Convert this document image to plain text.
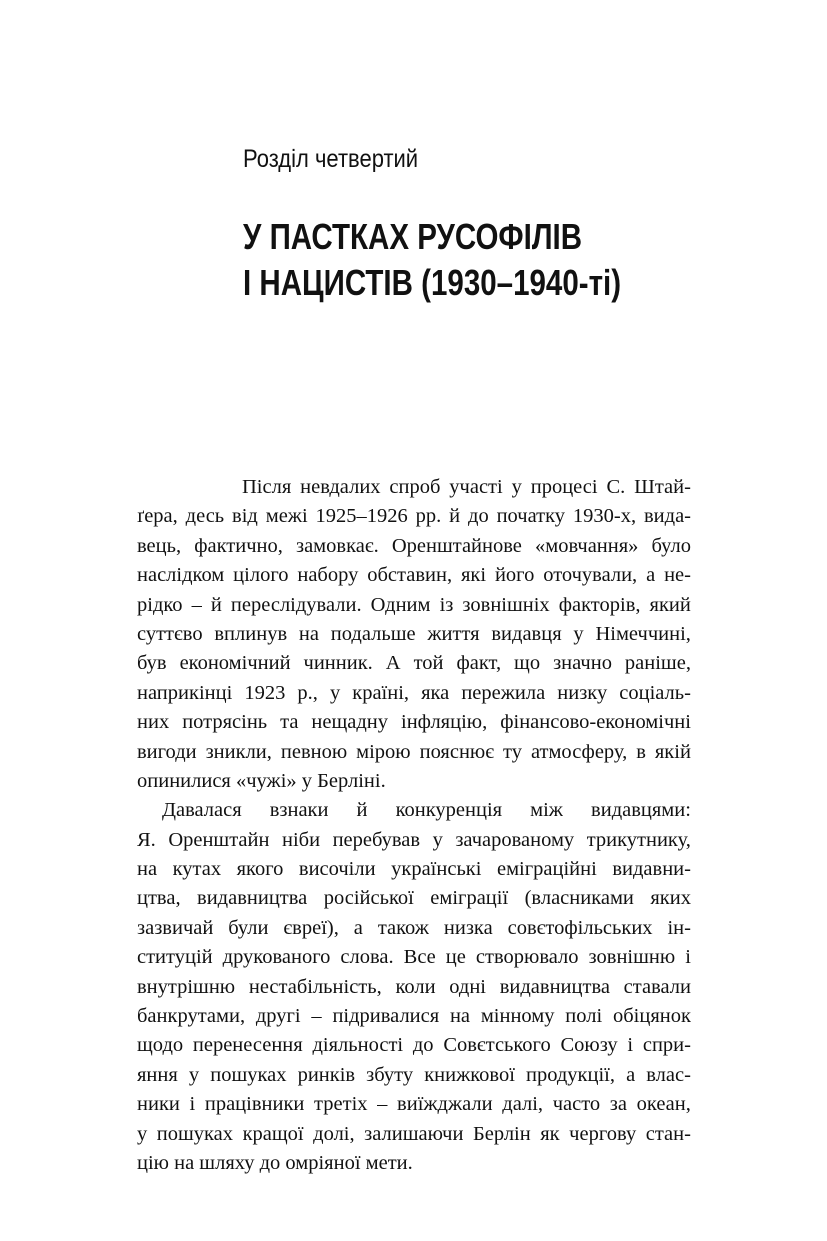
Розділ четвертий
У ПАСТКАХ РУСОФІЛІВ
І НАЦИСТІВ (1930–1940-ті)
Після невдалих спроб участі у процесі С. Штай-
ґера, десь від межі 1925–1926 рр. й до початку 1930-х, вида-
вець, фактично, замовкає. Оренштайнове «мовчання» було
наслідком цілого набору обставин, які його оточували, а не-
рідко – й переслідували. Одним із зовнішніх факторів, який
суттєво вплинув на подальше життя видавця у Німеччині,
був економічний чинник. А той факт, що значно раніше,
наприкінці 1923 р., у країні, яка пережила низку соціаль-
них потрясінь та нещадну інфляцію, фінансово-економічні
вигоди зникли, певною мірою пояснює ту атмосферу, в якій
опинилися «чужі» у Берліні.
Давалася взнаки й конкуренція між видавцями:
Я. Оренштайн ніби перебував у зачарованому трикутнику,
на кутах якого височіли українські еміграційні видавни-
цтва, видавництва російської еміграції (власниками яких
зазвичай були євреї), а також низка совєтофільських ін-
ституцій друкованого слова. Все це створювало зовнішню і
внутрішню нестабільність, коли одні видавництва ставали
банкрутами, другі – підривалися на мінному полі обіцянок
щодо перенесення діяльності до Совєтського Союзу і спри-
яння у пошуках ринків збуту книжкової продукції, а влас-
ники і працівники третіх – виїжджали далі, часто за океан,
у пошуках кращої долі, залишаючи Берлін як чергову стан-
цію на шляху до омріяної мети.
